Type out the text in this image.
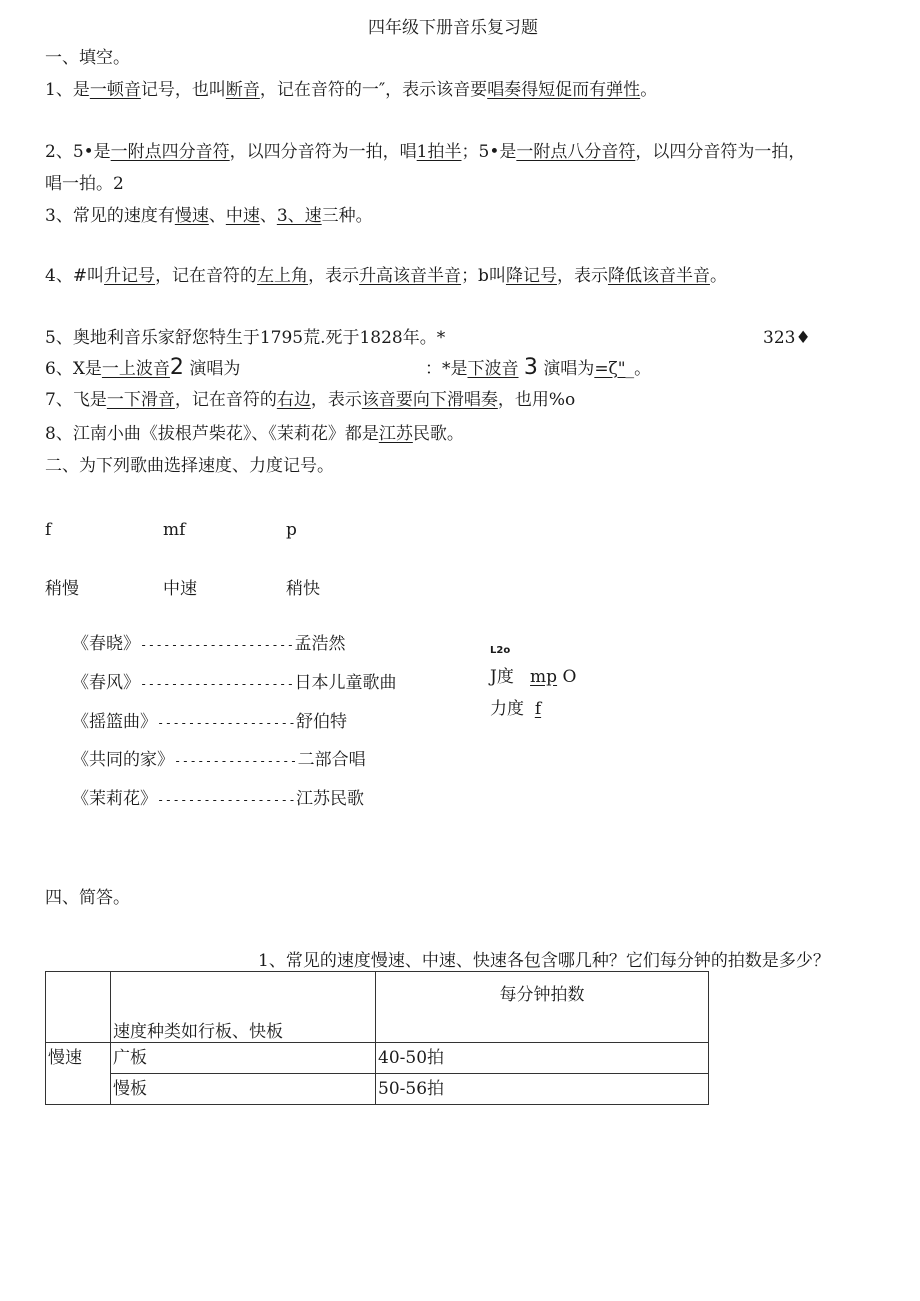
四年级下册音乐复习题
一、填空。
1、是一顿音记号，也叫断音，记在音符的一″，表示该音要唱奏得短促而有弹性。
2、5•是一附点四分音符，以四分音符为一拍，唱1拍半；5•是一附点八分音符，以四分音符为一拍，
唱一拍。2
3、常见的速度有慢速、中速、3、速三种。
4、#叫升记号，记在音符的左上角，表示升高该音半音；b叫降记号，表示降低该音半音。
5、奥地利音乐家舒您特生于1795荒.死于1828年。*	323♦
6、X是一上波音2 演唱为	：*是下波音 3 演唱为=ζ"_。
7、飞是一下滑音，记在音符的右边，表示该音要向下滑唱奏，也用%o
8、江南小曲《拔根芦柴花》、《茉莉花》都是江苏民歌。
二、为下列歌曲选择速度、力度记号。
f	mf	p
稍慢	中速	稍快
《春晓》--------------------孟浩然
《春风》--------------------日本儿童歌曲
《摇篮曲》------------------舒伯特
《共同的家》----------------二部合唱
《茉莉花》------------------江苏民歌
L2o
J度 mp O
力度 f
四、简答。
1、常见的速度慢速、中速、快速各包含哪几种？它们每分钟的拍数是多少？
	速度种类如行板、快板	每分钟拍数
慢速	广板	40-50拍
	慢板	50-56拍
